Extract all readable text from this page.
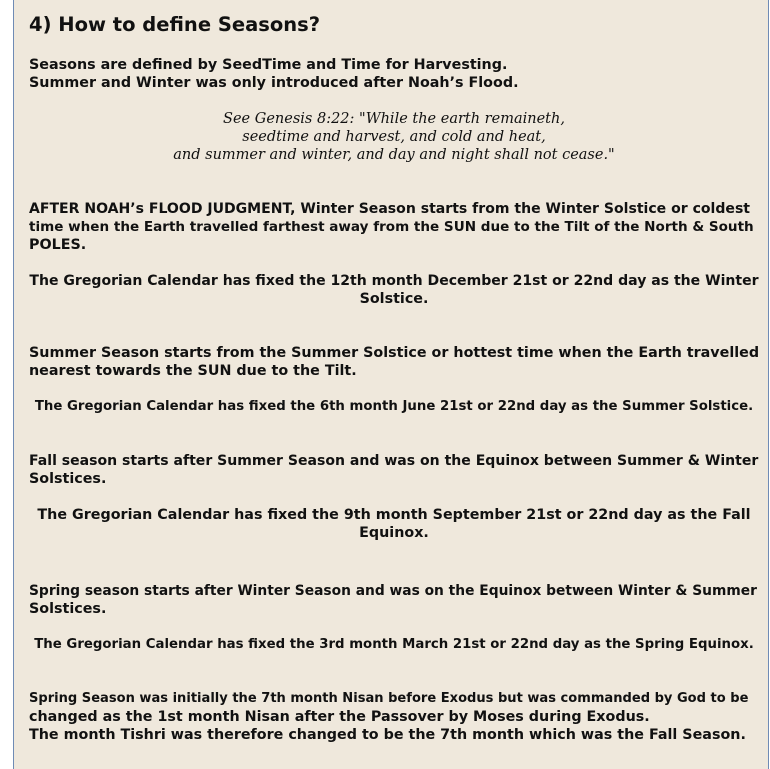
4) How to define Seasons?
Seasons are defined by SeedTime and Time for Harvesting.
Summer and Winter was only introduced after Noah’s Flood.
See Genesis 8:22: "While the earth remaineth,
seedtime and harvest, and cold and heat,
and summer and winter, and day and night shall not cease."
AFTER NOAH’s FLOOD JUDGMENT, Winter Season starts from the Winter Solstice or coldest
time when the Earth travelled farthest away from the SUN due to the Tilt of the North & South
POLES.
The Gregorian Calendar has fixed the 12th month December 21st or 22nd day as the Winter
Solstice.
Summer Season starts from the Summer Solstice or hottest time when the Earth travelled
nearest towards the SUN due to the Tilt.
The Gregorian Calendar has fixed the 6th month June 21st or 22nd day as the Summer Solstice.
Fall season starts after Summer Season and was on the Equinox between Summer & Winter
Solstices.
The Gregorian Calendar has fixed the 9th month September 21st or 22nd day as the Fall
Equinox.
Spring season starts after Winter Season and was on the Equinox between Winter & Summer
Solstices.
The Gregorian Calendar has fixed the 3rd month March 21st or 22nd day as the Spring Equinox.
Spring Season was initially the 7th month Nisan before Exodus but was commanded by God to be
changed as the 1st month Nisan after the Passover by Moses during Exodus.
The month Tishri was therefore changed to be the 7th month which was the Fall Season.
